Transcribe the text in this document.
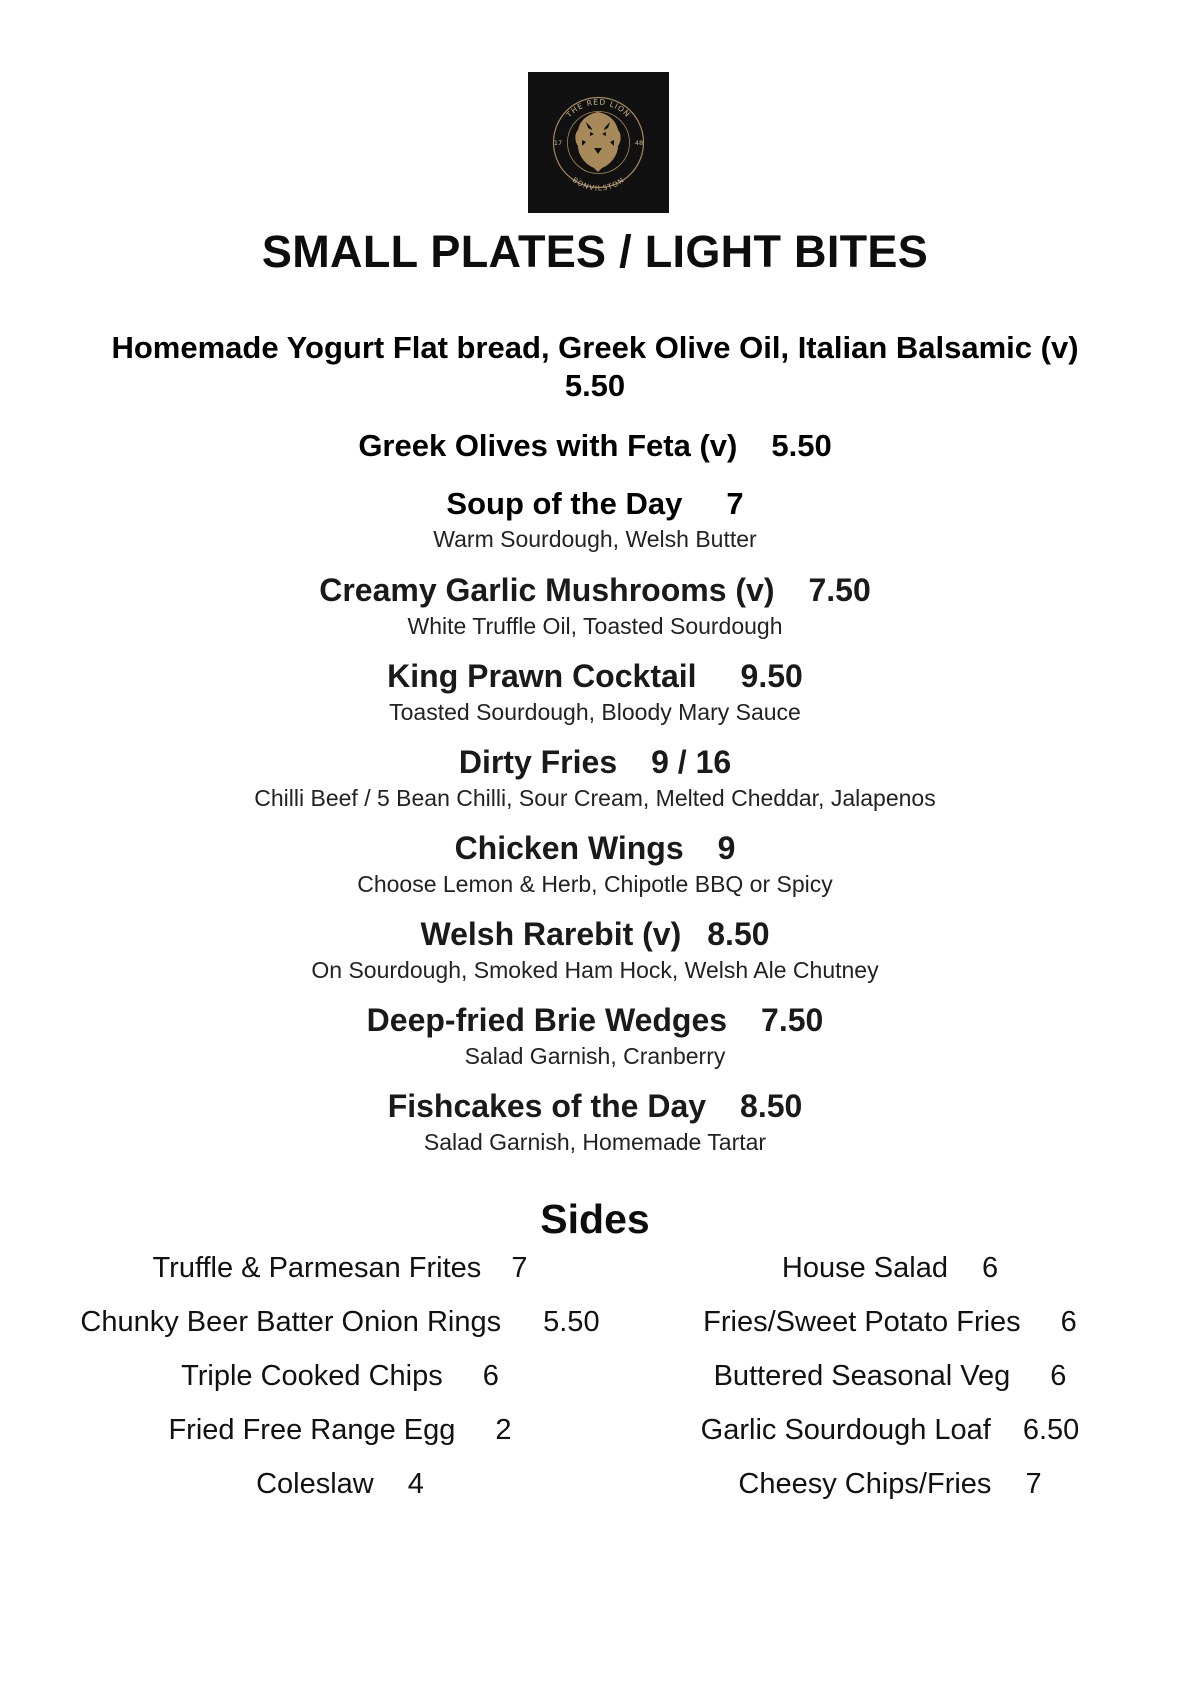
THE RED LION
BONVILSTON
17	48
SMALL PLATES / LIGHT BITES
Homemade Yogurt Flat bread, Greek Olive Oil, Italian Balsamic (v)
5.50
Greek Olives with Feta (v) 5.50
Soup of the Day 7
Warm Sourdough, Welsh Butter
Creamy Garlic Mushrooms (v) 7.50
White Truffle Oil, Toasted Sourdough
King Prawn Cocktail 9.50
Toasted Sourdough, Bloody Mary Sauce
Dirty Fries 9 / 16
Chilli Beef / 5 Bean Chilli, Sour Cream, Melted Cheddar, Jalapenos
Chicken Wings 9
Choose Lemon & Herb, Chipotle BBQ or Spicy
Welsh Rarebit (v) 8.50
On Sourdough, Smoked Ham Hock, Welsh Ale Chutney
Deep-fried Brie Wedges 7.50
Salad Garnish, Cranberry
Fishcakes of the Day 8.50
Salad Garnish, Homemade Tartar
Sides
Truffle & Parmesan Frites 7
Chunky Beer Batter Onion Rings 5.50
Triple Cooked Chips 6
Fried Free Range Egg 2
Coleslaw 4
House Salad 6
Fries/Sweet Potato Fries 6
Buttered Seasonal Veg 6
Garlic Sourdough Loaf 6.50
Cheesy Chips/Fries 7
